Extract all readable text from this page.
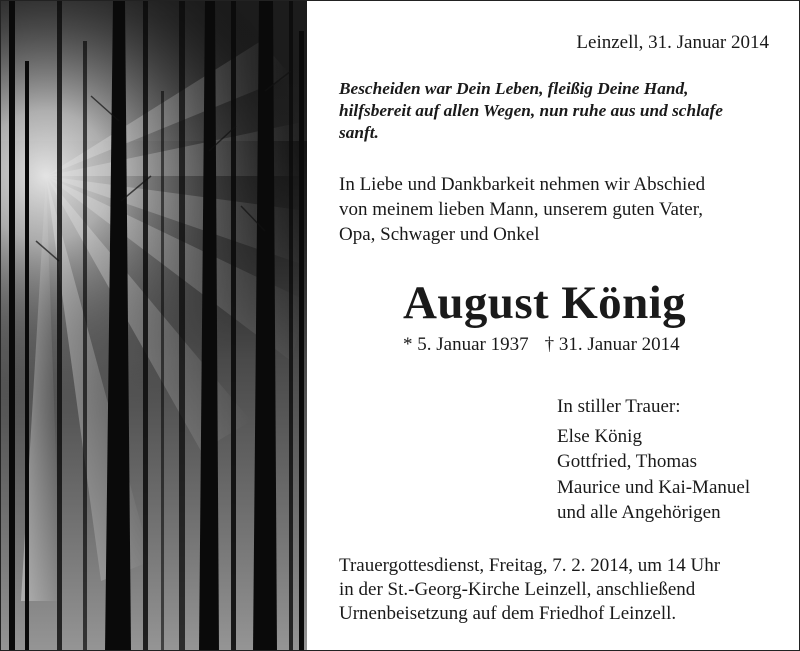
Leinzell, 31. Januar 2014
Bescheiden war Dein Leben, fleißig Deine Hand,
hilfsbereit auf allen Wegen, nun ruhe aus und schlafe
sanft.
In Liebe und Dankbarkeit nehmen wir Abschied
von meinem lieben Mann, unserem guten Vater,
Opa, Schwager und Onkel
August König
* 5. Januar 1937 † 31. Januar 2014
In stiller Trauer:
Else König
Gottfried, Thomas
Maurice und Kai-Manuel
und alle Angehörigen
Trauergottesdienst, Freitag, 7. 2. 2014, um 14 Uhr
in der St.-Georg-Kirche Leinzell, anschließend
Urnenbeisetzung auf dem Friedhof Leinzell.
